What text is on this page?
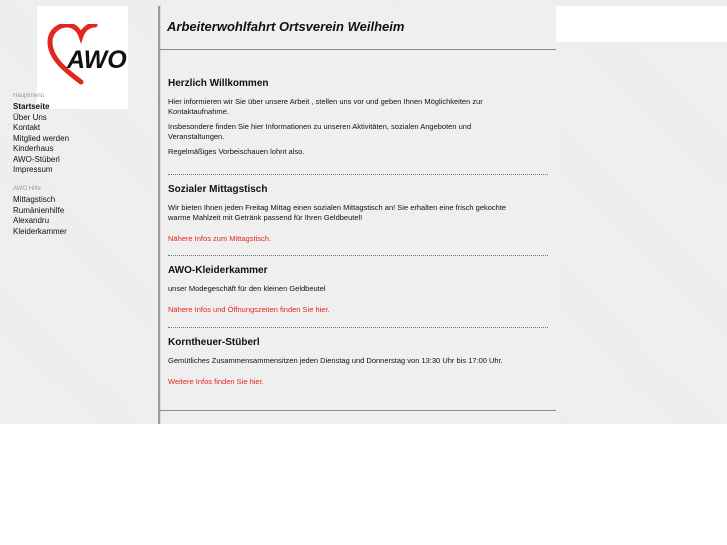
AWO
Hauptmenü
Startseite
Über Uns
Kontakt
Mitglied werden
Kinderhaus
AWO-Stüberl
Impressum
AWO Hilfe
Mittagstisch
Rumänienhilfe
Alexandru
Kleiderkammer
Arbeiterwohlfahrt Ortsverein Weilheim
Herzlich Willkommen

Hier informieren wir Sie über unsere Arbeit , stellen uns vor und geben Ihnen Möglichkeiten zur Kontaktaufnahme.

Insbesondere finden Sie hier Informationen zu unseren Aktivitäten, sozialen Angeboten und Veranstaltungen.

Regelmäßiges Vorbeischauen lohnt also.

Sozialer Mittagstisch

Wir bieten Ihnen jeden Freitag Mittag einen sozialen Mittagstisch an! Sie erhalten eine frisch gekochte warme Mahlzeit mit Getränk passend für Ihren Geldbeutel!

Nähere Infos zum Mittagstisch.
AWO-Kleiderkammer

unser Modegeschäft für den kleinen Geldbeutel

Nähere Infos und Öffnungszeiten finden Sie hier.
Korntheuer-Stüberl

Gemütliches Zusammensammensitzen jeden Dienstag und Donnerstag von 13:30 Uhr bis 17:00 Uhr.

Weitere Infos finden Sie hier.
